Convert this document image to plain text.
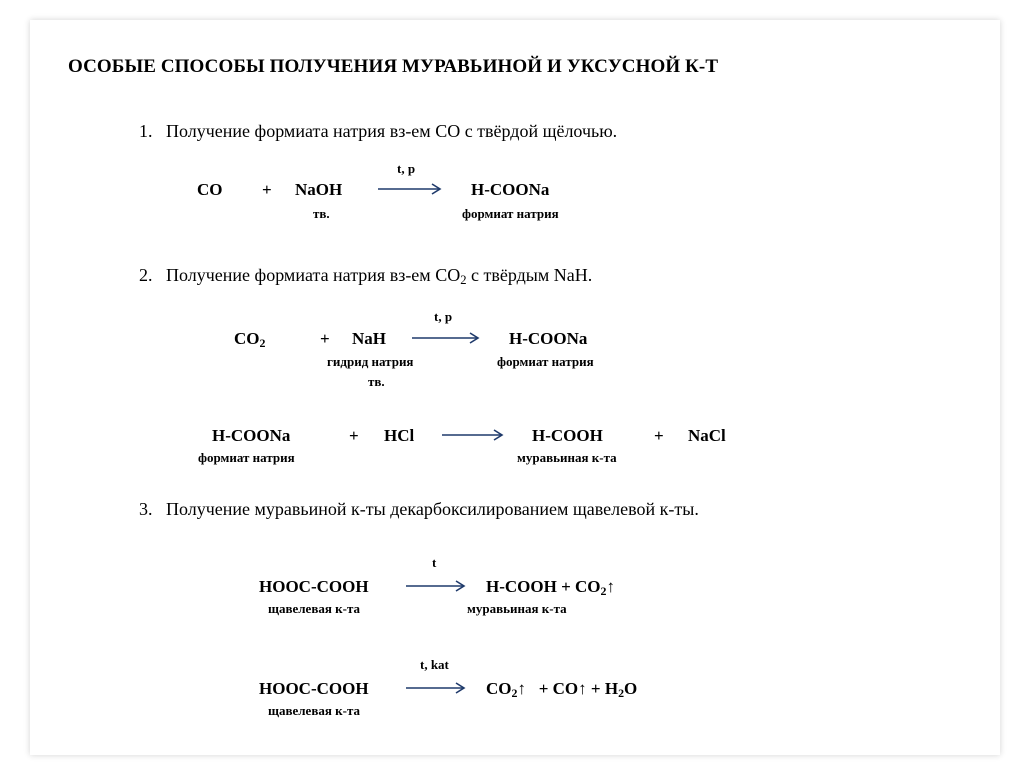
ОСОБЫЕ СПОСОБЫ ПОЛУЧЕНИЯ МУРАВЬИНОЙ И УКСУСНОЙ К-Т
1. Получение формиата натрия вз-ем СО с твёрдой щёлочью.
CO + NaOH
тв.
t, p
H-COONa
формиат натрия
2. Получение формиата натрия вз-ем $CO_2$ с твёрдым NaH.
$CO_2$	+ NaH
гидрид натрия
тв.
t, p
H-COONa
формиат натрия
H-COONa
формиат натрия
+ HCl	H-COOH
муравьиная к-та
+ NaCl
3. Получение муравьиной к-ты декарбоксилированием щавелевой к-ты.
HOOC-COOH
щавелевая к-та
t
H-COOH + $CO_2↑$
муравьиная к-та
HOOC-COOH
щавелевая к-та
t, kat
$CO_2↑$ + CO↑ + $H_2O$
